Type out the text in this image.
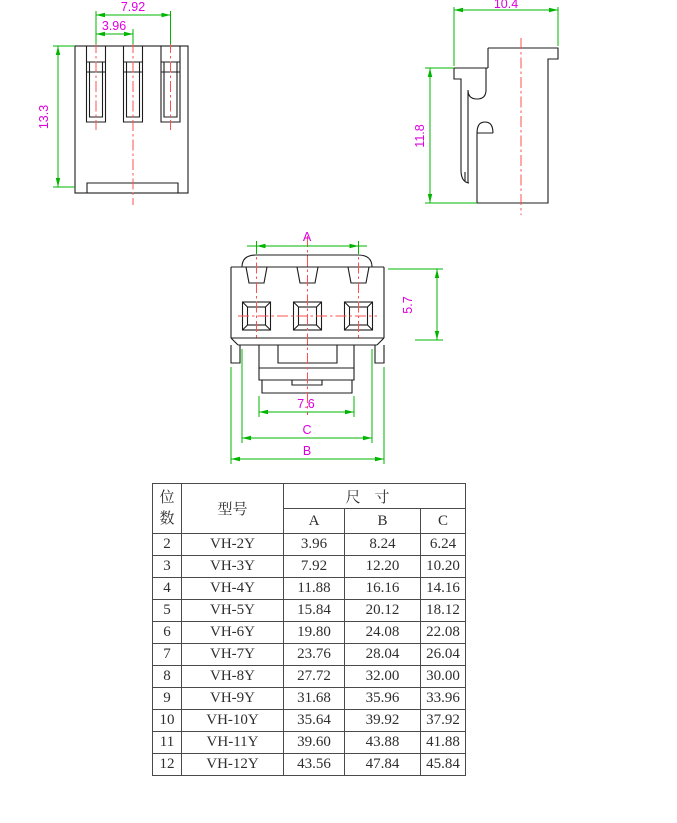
7.92
3.96
13.3
10.4
11.8
A
5.7
7.6
C
B
位数	型号	尺寸		
		A	B	C
2	VH-2Y	3.96	8.24	6.24
3	VH-3Y	7.92	12.20	10.20
4	VH-4Y	11.88	16.16	14.16
5	VH-5Y	15.84	20.12	18.12
6	VH-6Y	19.80	24.08	22.08
7	VH-7Y	23.76	28.04	26.04
8	VH-8Y	27.72	32.00	30.00
9	VH-9Y	31.68	35.96	33.96
10	VH-10Y	35.64	39.92	37.92
11	VH-11Y	39.60	43.88	41.88
12	VH-12Y	43.56	47.84	45.84
